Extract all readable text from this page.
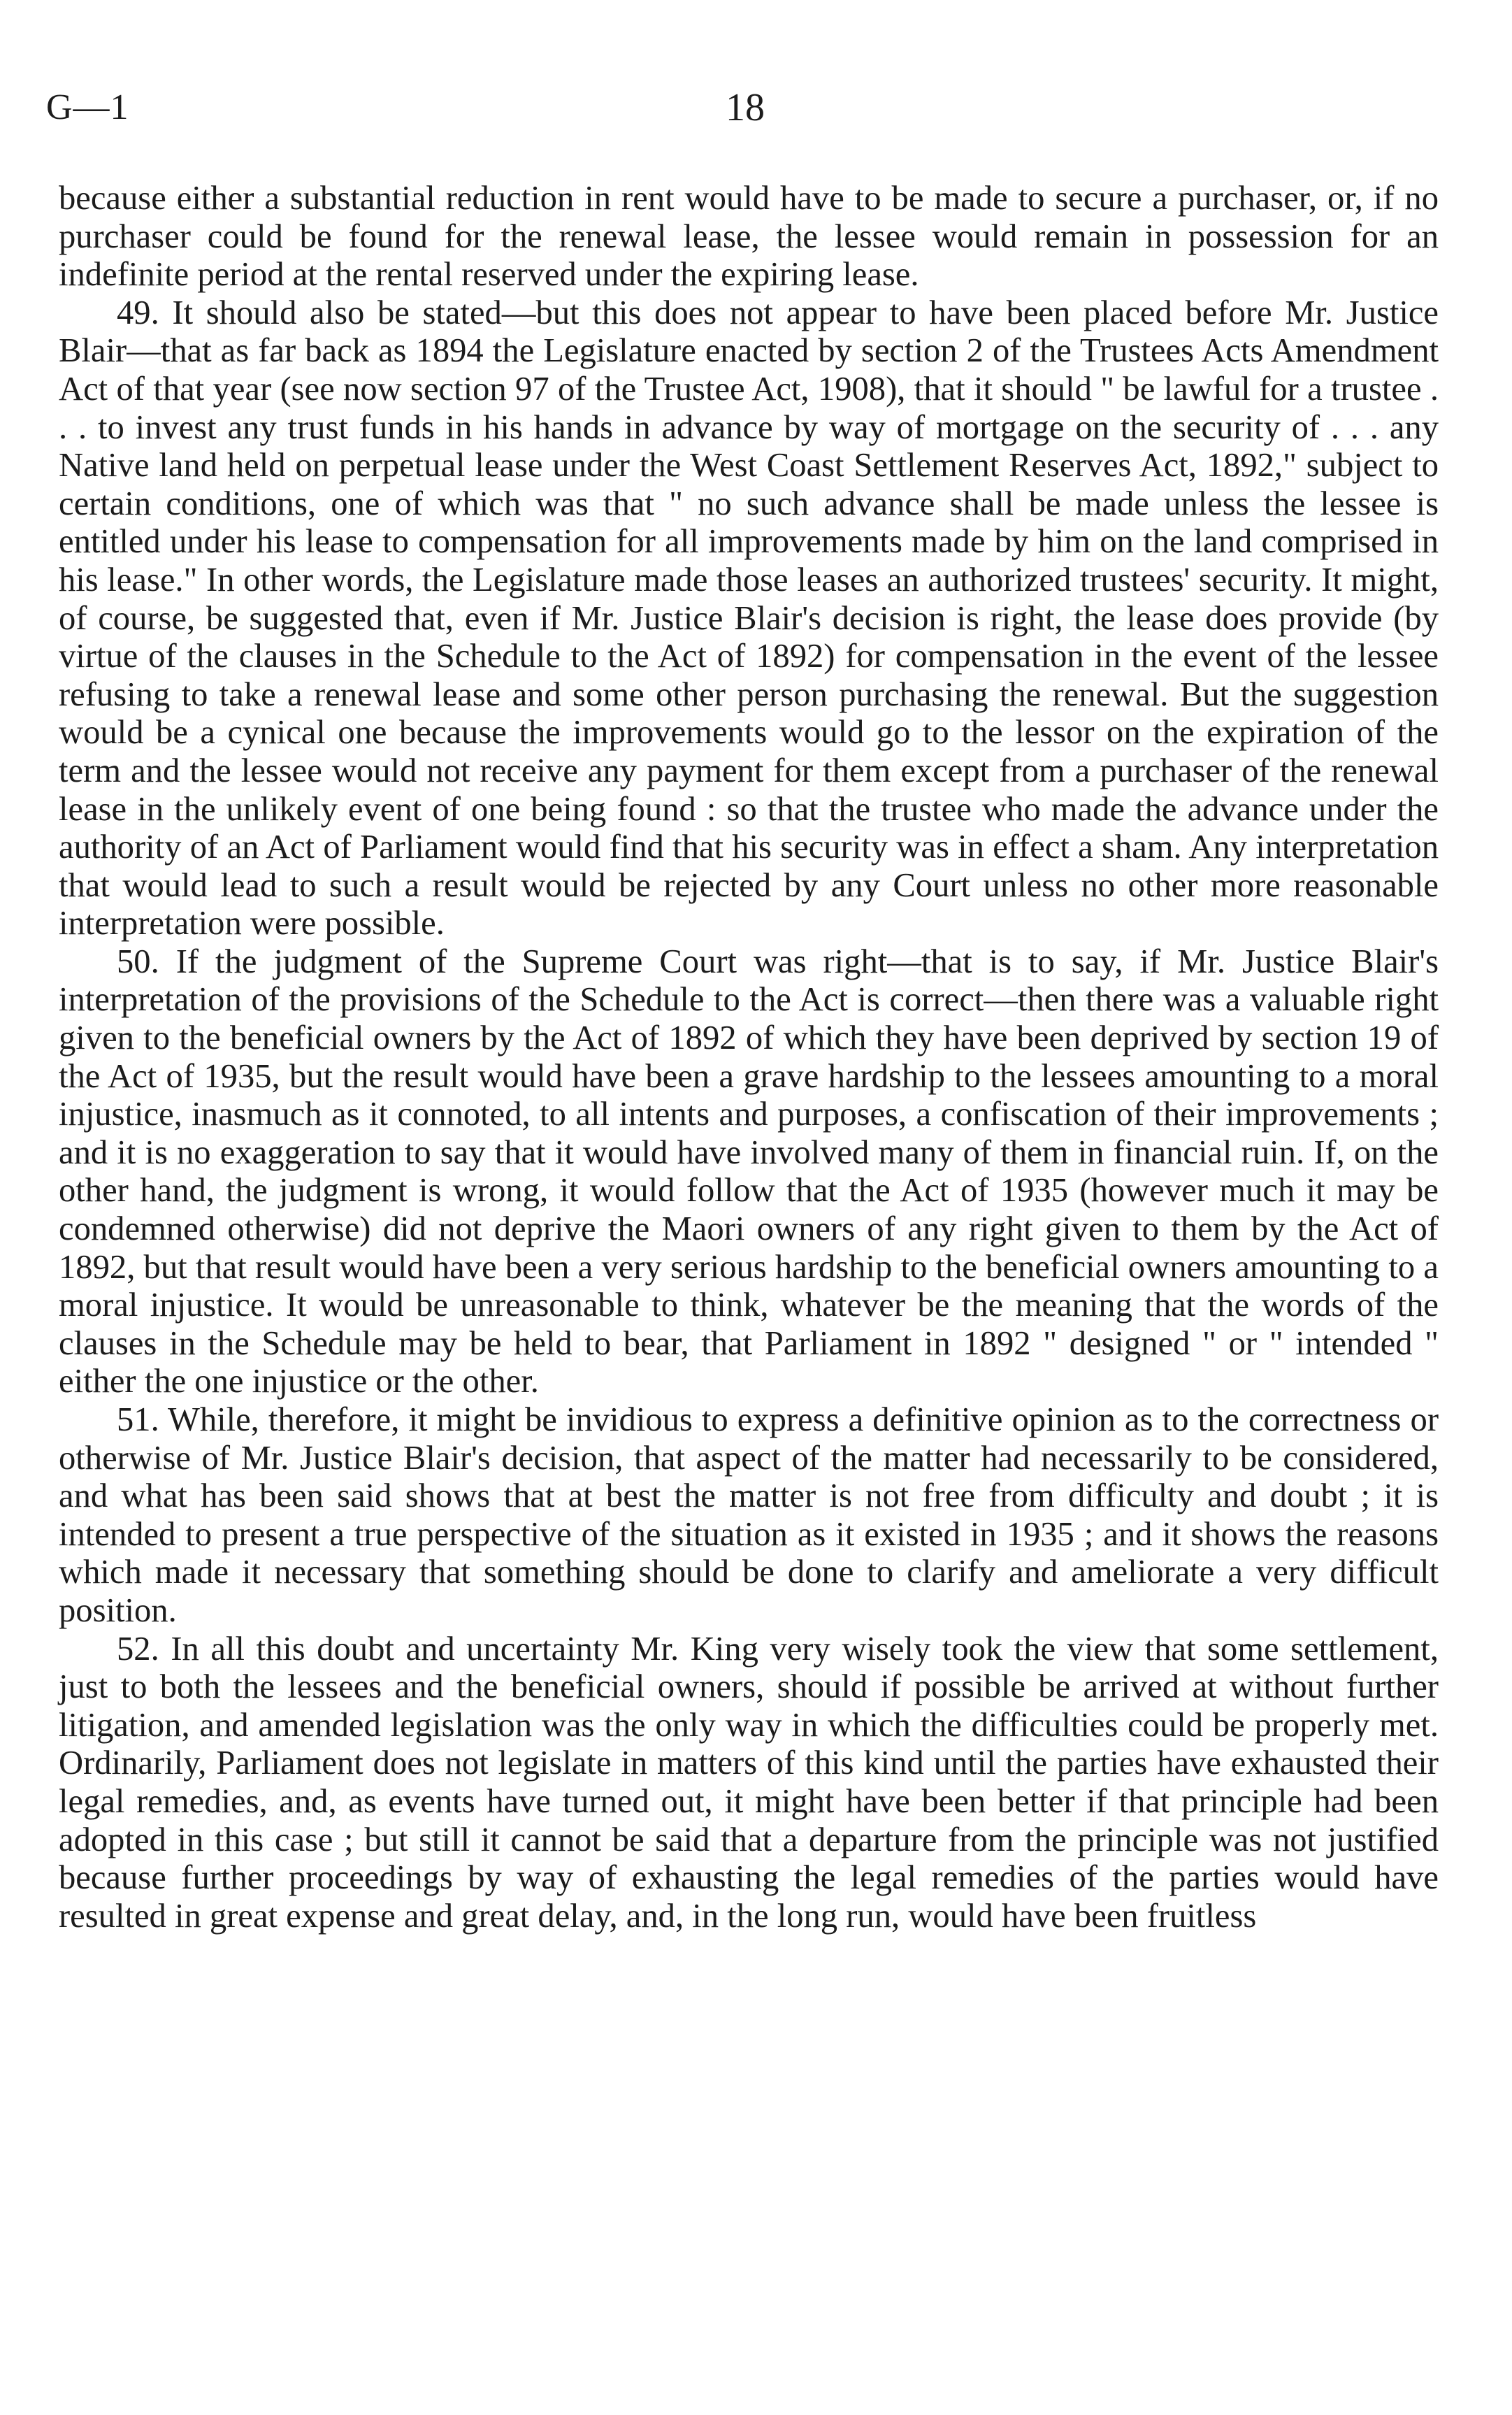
G—1	18

because either a substantial reduction in rent would have to be made to secure a purchaser, or, if no purchaser could be found for the renewal lease, the lessee would remain in possession for an indefinite period at the rental reserved under the expiring lease.

49. It should also be stated—but this does not appear to have been placed before Mr. Justice Blair—that as far back as 1894 the Legislature enacted by section 2 of the Trustees Acts Amendment Act of that year (see now section 97 of the Trustee Act, 1908), that it should " be lawful for a trustee . . . to invest any trust funds in his hands in advance by way of mortgage on the security of . . . any Native land held on perpetual lease under the West Coast Settlement Reserves Act, 1892," subject to certain conditions, one of which was that " no such advance shall be made unless the lessee is entitled under his lease to compensation for all improvements made by him on the land comprised in his lease." In other words, the Legislature made those leases an authorized trustees' security. It might, of course, be suggested that, even if Mr. Justice Blair's decision is right, the lease does provide (by virtue of the clauses in the Schedule to the Act of 1892) for compensation in the event of the lessee refusing to take a renewal lease and some other person purchasing the renewal. But the suggestion would be a cynical one because the improvements would go to the lessor on the expiration of the term and the lessee would not receive any payment for them except from a purchaser of the renewal lease in the unlikely event of one being found : so that the trustee who made the advance under the authority of an Act of Parliament would find that his security was in effect a sham. Any interpretation that would lead to such a result would be rejected by any Court unless no other more reasonable interpretation were possible.

50. If the judgment of the Supreme Court was right—that is to say, if Mr. Justice Blair's interpretation of the provisions of the Schedule to the Act is correct—then there was a valuable right given to the beneficial owners by the Act of 1892 of which they have been deprived by section 19 of the Act of 1935, but the result would have been a grave hardship to the lessees amounting to a moral injustice, inasmuch as it connoted, to all intents and purposes, a confiscation of their improvements ; and it is no exaggeration to say that it would have involved many of them in financial ruin. If, on the other hand, the judgment is wrong, it would follow that the Act of 1935 (however much it may be condemned otherwise) did not deprive the Maori owners of any right given to them by the Act of 1892, but that result would have been a very serious hardship to the beneficial owners amounting to a moral injustice. It would be unreasonable to think, whatever be the meaning that the words of the clauses in the Schedule may be held to bear, that Parliament in 1892 " designed " or " intended " either the one injustice or the other.

51. While, therefore, it might be invidious to express a definitive opinion as to the correctness or otherwise of Mr. Justice Blair's decision, that aspect of the matter had necessarily to be considered, and what has been said shows that at best the matter is not free from difficulty and doubt ; it is intended to present a true perspective of the situation as it existed in 1935 ; and it shows the reasons which made it necessary that something should be done to clarify and ameliorate a very difficult position.

52. In all this doubt and uncertainty Mr. King very wisely took the view that some settlement, just to both the lessees and the beneficial owners, should if possible be arrived at without further litigation, and amended legislation was the only way in which the difficulties could be properly met. Ordinarily, Parliament does not legislate in matters of this kind until the parties have exhausted their legal remedies, and, as events have turned out, it might have been better if that principle had been adopted in this case ; but still it cannot be said that a departure from the principle was not justified because further proceedings by way of exhausting the legal remedies of the parties would have resulted in great expense and great delay, and, in the long run, would have been fruitless
